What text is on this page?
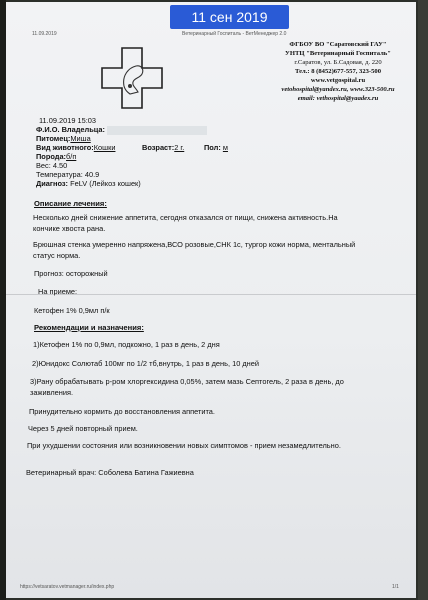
11.09.2019	Ветеринарный Госпиталь - ВетМенеджер 2.0
ФГБОУ ВО "Саратовский ГАУ"
УНТЦ "Ветеринарный Госпиталь"
г.Саратов, ул. Б.Садовая, д. 220
Тел.: 8 (8452)677-557, 323-500
www.vetgospital.ru
vetohospital@yandex.ru, www.323-500.ru
email: vethospital@yaadex.ru
11.09.2019 15:03
Ф.И.О. Владельца:
Питомец:Миша
Вид животного:Кошки	Возраст:2 г.	Пол: м
Порода:б/п
Вес: 4.50
Температура: 40.9
Диагноз: FeLV (Лейкоз кошек)
Описание лечения:
Несколько дней снижение аппетита, сегодня отказался от пищи, снижена активность.На
кончике хвоста рана.
Брюшная стенка умеренно напряжена,ВСО розовые,СНК 1с, тургор кожи норма, ментальный
статус норма.
Прогноз: осторожный
На приеме:
Кетофен 1% 0,9мл п/к
Рекомендации и назначения:
1)Кетофен 1% по 0,9мл, подкожно, 1 раз в день, 2 дня
2)Юнидокс Солютаб 100мг по 1/2 тб,внутрь, 1 раз в день, 10 дней
3)Рану обрабатывать р-ром хлоргексидина 0,05%, затем мазь Септогель, 2 раза в день, до
заживления.
Принудительно кормить до восстановления аппетита.
Через 5 дней повторный прием.
При ухудшении состояния или возникновении новых симптомов - прием незамедлительно.
Ветеринарный врач: Соболева Батина Гажиевна
https://vetsaratov.vetmanager.ru/index.php	1/1
11 сен 2019
